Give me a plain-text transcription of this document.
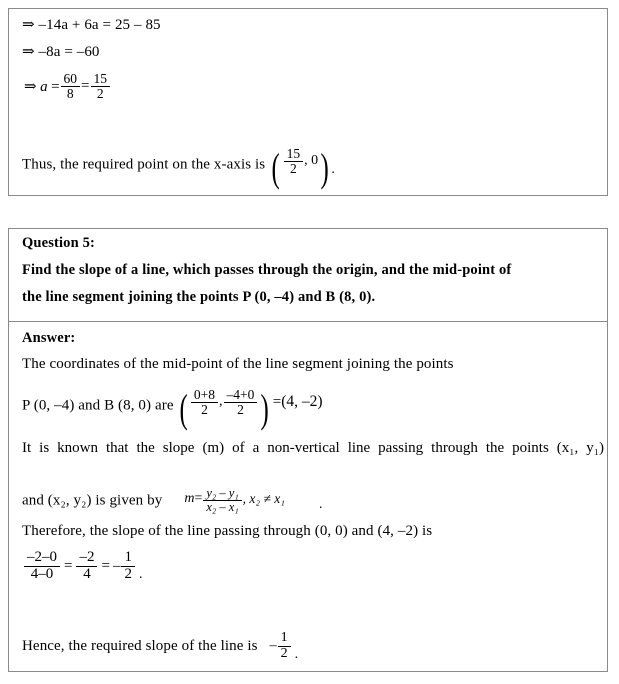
⇒ –14a + 6a = 25 – 85
⇒ –8a = –60
⇒ $a = \frac{60}{8} = \frac{15}{2}$
Thus, the required point on the x-axis is ( $\frac{15}{2}$ , 0) .
Question 5:
Find the slope of a line, which passes through the origin, and the mid-point of
the line segment joining the points P (0, –4) and B (8, 0).
Answer:
The coordinates of the mid-point of the line segment joining the points
P (0, –4) and B (8, 0) are ( $\frac{0+8}{2}$ , $\frac{-4+0}{2}$ ) =(4, –2)
It is known that the slope (m) of a non-vertical line passing through the points (x₁, y₁)
and (x₂, y₂) is given by $m= \frac{\text{y₂ – y₁}}{\text{x₂ – x₁}}$ , x₂ ≠ x₁ .
Therefore, the slope of the line passing through (0, 0) and (4, –2) is
$\frac{-2-0}{4-0} = \frac{-2}{4}$ = – $\frac{1}{2}$ .
Hence, the required slope of the line is – $\frac{1}{2}$ .
